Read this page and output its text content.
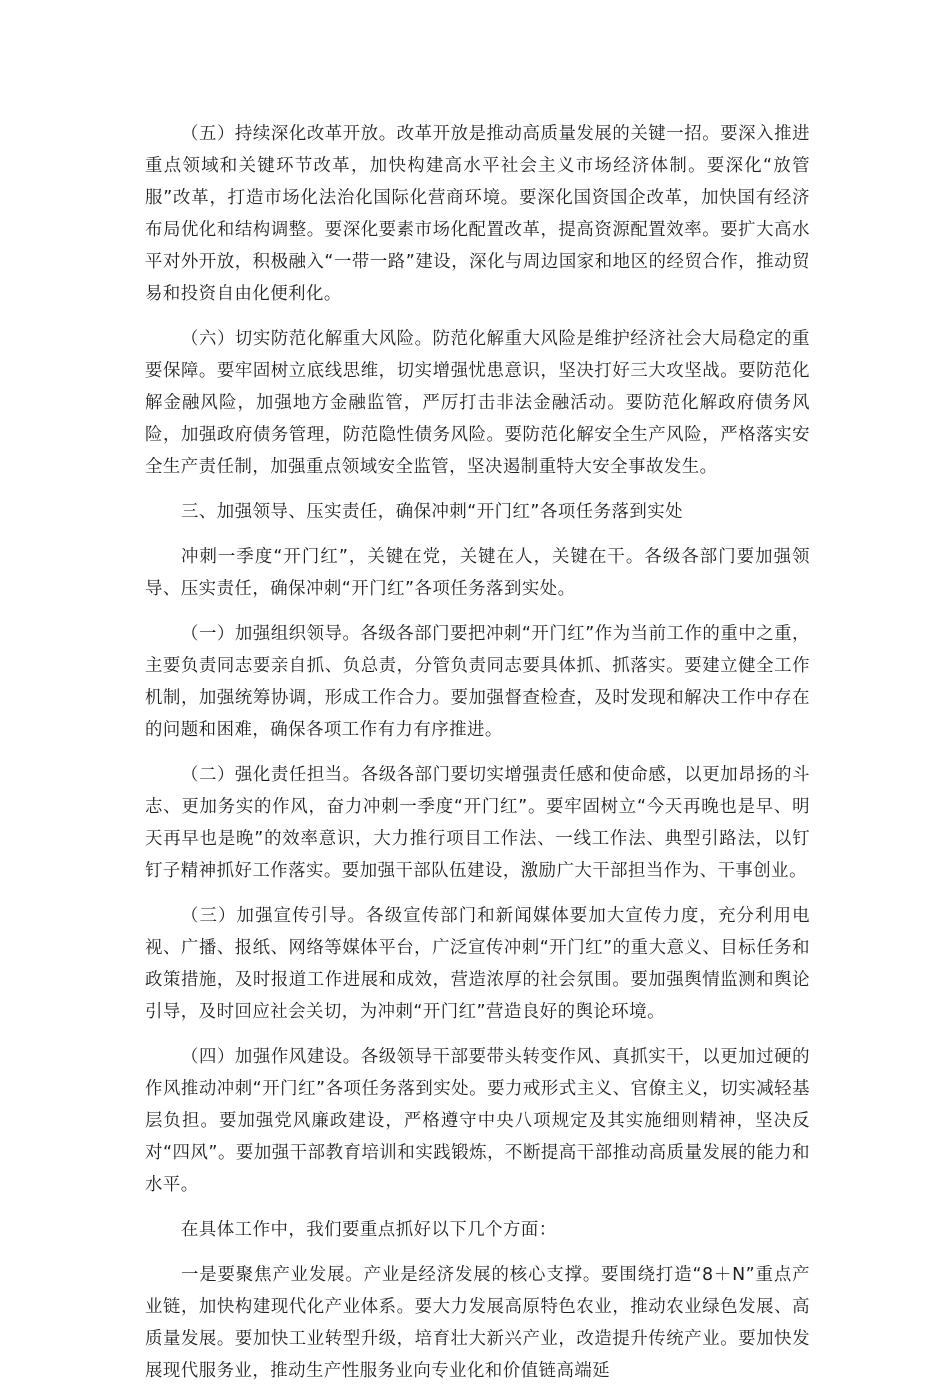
（五）持续深化改革开放。改革开放是推动高质量发展的关键一招。要深入推进重点领域和关键环节改革，加快构建高水平社会主义市场经济体制。要深化“放管服”改革，打造市场化法治化国际化营商环境。要深化国资国企改革，加快国有经济布局优化和结构调整。要深化要素市场化配置改革，提高资源配置效率。要扩大高水平对外开放，积极融入“一带一路”建设，深化与周边国家和地区的经贸合作，推动贸易和投资自由化便利化。

（六）切实防范化解重大风险。防范化解重大风险是维护经济社会大局稳定的重要保障。要牢固树立底线思维，切实增强忧患意识，坚决打好三大攻坚战。要防范化解金融风险，加强地方金融监管，严厉打击非法金融活动。要防范化解政府债务风险，加强政府债务管理，防范隐性债务风险。要防范化解安全生产风险，严格落实安全生产责任制，加强重点领域安全监管，坚决遏制重特大安全事故发生。

三、加强领导、压实责任，确保冲刺“开门红”各项任务落到实处

冲刺一季度“开门红”，关键在党，关键在人，关键在干。各级各部门要加强领导、压实责任，确保冲刺“开门红”各项任务落到实处。

（一）加强组织领导。各级各部门要把冲刺“开门红”作为当前工作的重中之重，主要负责同志要亲自抓、负总责，分管负责同志要具体抓、抓落实。要建立健全工作机制，加强统筹协调，形成工作合力。要加强督查检查，及时发现和解决工作中存在的问题和困难，确保各项工作有力有序推进。

（二）强化责任担当。各级各部门要切实增强责任感和使命感，以更加昂扬的斗志、更加务实的作风，奋力冲刺一季度“开门红”。要牢固树立“今天再晚也是早、明天再早也是晚”的效率意识，大力推行项目工作法、一线工作法、典型引路法，以钉钉子精神抓好工作落实。要加强干部队伍建设，激励广大干部担当作为、干事创业。

（三）加强宣传引导。各级宣传部门和新闻媒体要加大宣传力度，充分利用电视、广播、报纸、网络等媒体平台，广泛宣传冲刺“开门红”的重大意义、目标任务和政策措施，及时报道工作进展和成效，营造浓厚的社会氛围。要加强舆情监测和舆论引导，及时回应社会关切，为冲刺“开门红”营造良好的舆论环境。

（四）加强作风建设。各级领导干部要带头转变作风、真抓实干，以更加过硬的作风推动冲刺“开门红”各项任务落到实处。要力戒形式主义、官僚主义，切实减轻基层负担。要加强党风廉政建设，严格遵守中央八项规定及其实施细则精神，坚决反对“四风”。要加强干部教育培训和实践锻炼，不断提高干部推动高质量发展的能力和水平。

在具体工作中，我们要重点抓好以下几个方面：

一是要聚焦产业发展。产业是经济发展的核心支撑。要围绕打造“8＋N”重点产业链，加快构建现代化产业体系。要大力发展高原特色农业，推动农业绿色发展、高质量发展。要加快工业转型升级，培育壮大新兴产业，改造提升传统产业。要加快发展现代服务业，推动生产性服务业向专业化和价值链高端延
